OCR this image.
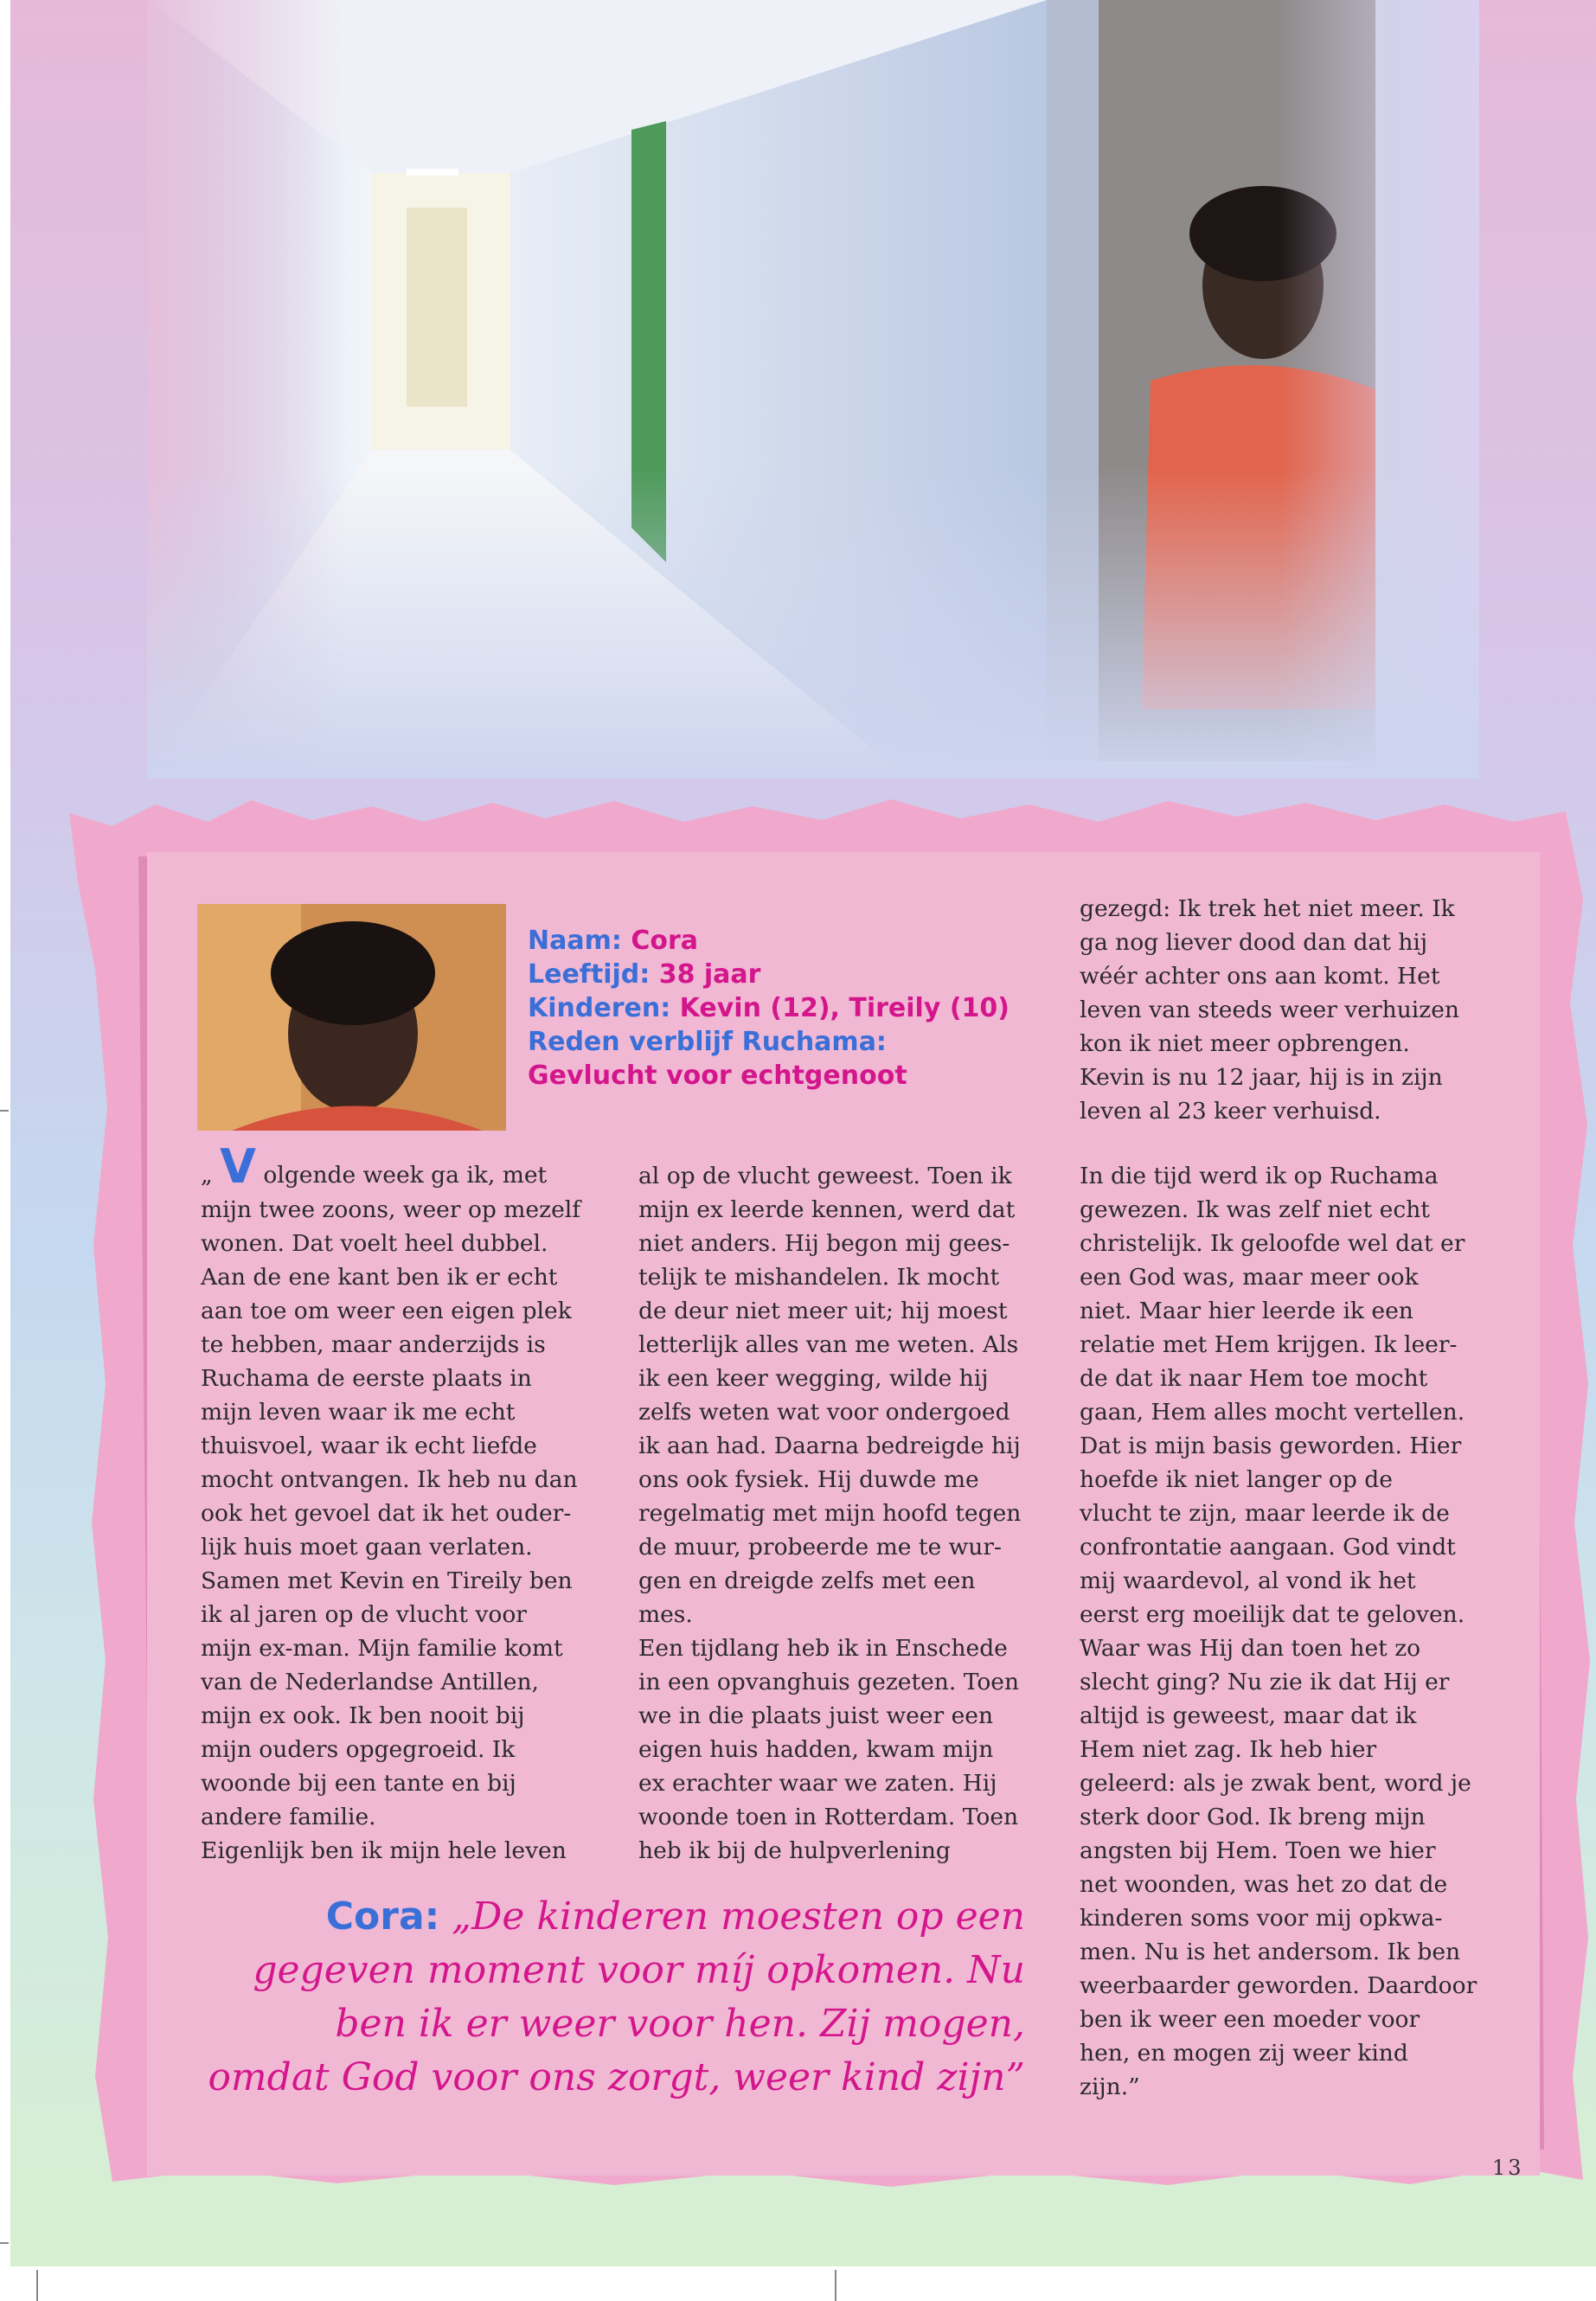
Naam: Cora
Leeftijd: 38 jaar
Kinderen: Kevin (12), Tireily (10)
Reden verblijf Ruchama:
Gevlucht voor echtgenoot
„ V olgende week ga ik, met
mijn twee zoons, weer op mezelf
wonen. Dat voelt heel dubbel.
Aan de ene kant ben ik er echt
aan toe om weer een eigen plek
te hebben, maar anderzijds is
Ruchama de eerste plaats in
mijn leven waar ik me echt
thuisvoel, waar ik echt liefde
mocht ontvangen. Ik heb nu dan
ook het gevoel dat ik het ouder-
lijk huis moet gaan verlaten.
Samen met Kevin en Tireily ben
ik al jaren op de vlucht voor
mijn ex-man. Mijn familie komt
van de Nederlandse Antillen,
mijn ex ook. Ik ben nooit bij
mijn ouders opgegroeid. Ik
woonde bij een tante en bij
andere familie.
Eigenlijk ben ik mijn hele leven
al op de vlucht geweest. Toen ik
mijn ex leerde kennen, werd dat
niet anders. Hij begon mij gees-
telijk te mishandelen. Ik mocht
de deur niet meer uit; hij moest
letterlijk alles van me weten. Als
ik een keer wegging, wilde hij
zelfs weten wat voor ondergoed
ik aan had. Daarna bedreigde hij
ons ook fysiek. Hij duwde me
regelmatig met mijn hoofd tegen
de muur, probeerde me te wur-
gen en dreigde zelfs met een
mes.
Een tijdlang heb ik in Enschede
in een opvanghuis gezeten. Toen
we in die plaats juist weer een
eigen huis hadden, kwam mijn
ex erachter waar we zaten. Hij
woonde toen in Rotterdam. Toen
heb ik bij de hulpverlening
gezegd: Ik trek het niet meer. Ik
ga nog liever dood dan dat hij
wéér achter ons aan komt. Het
leven van steeds weer verhuizen
kon ik niet meer opbrengen.
Kevin is nu 12 jaar, hij is in zijn
leven al 23 keer verhuisd.
In die tijd werd ik op Ruchama
gewezen. Ik was zelf niet echt
christelijk. Ik geloofde wel dat er
een God was, maar meer ook
niet. Maar hier leerde ik een
relatie met Hem krijgen. Ik leer-
de dat ik naar Hem toe mocht
gaan, Hem alles mocht vertellen.
Dat is mijn basis geworden. Hier
hoefde ik niet langer op de
vlucht te zijn, maar leerde ik de
confrontatie aangaan. God vindt
mij waardevol, al vond ik het
eerst erg moeilijk dat te geloven.
Waar was Hij dan toen het zo
slecht ging? Nu zie ik dat Hij er
altijd is geweest, maar dat ik
Hem niet zag. Ik heb hier
geleerd: als je zwak bent, word je
sterk door God. Ik breng mijn
angsten bij Hem. Toen we hier
net woonden, was het zo dat de
kinderen soms voor mij opkwa-
men. Nu is het andersom. Ik ben
weerbaarder geworden. Daardoor
ben ik weer een moeder voor
hen, en mogen zij weer kind
zijn.”
Cora: „De kinderen moesten op een gegeven moment voor míj opkomen. Nu ben ik er weer voor hen. Zij mogen, omdat God voor ons zorgt, weer kind zijn”
13
